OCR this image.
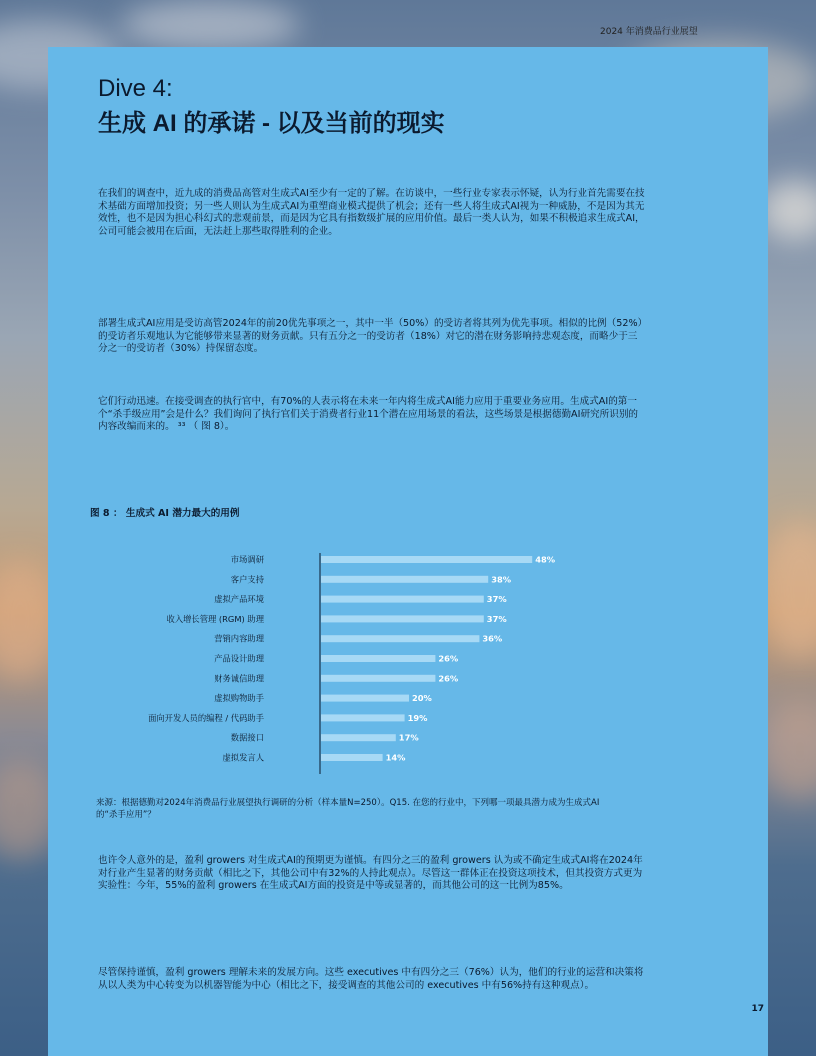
2024 年消费品行业展望
Dive 4:
生成 AI 的承诺 - 以及当前的现实
在我们的调查中，近九成的消费品高管对生成式AI至少有一定的了解。在访谈中，一些行业专家表示怀疑，认为行业首先需要在技术基础方面增加投资；另一些人则认为生成式AI为重塑商业模式提供了机会；还有一些人将生成式AI视为一种威胁，不是因为其无效性，也不是因为担心科幻式的悲观前景，而是因为它具有指数级扩展的应用价值。最后一类人认为，如果不积极追求生成式AI，公司可能会被用在后面，无法赶上那些取得胜利的企业。
部署生成式AI应用是受访高管2024年的前20优先事项之一，其中一半（50%）的受访者将其列为优先事项。相似的比例（52%）的受访者乐观地认为它能够带来显著的财务贡献。只有五分之一的受访者（18%）对它的潜在财务影响持悲观态度，而略少于三分之一的受访者（30%）持保留态度。
它们行动迅速。在接受调查的执行官中，有70%的人表示将在未来一年内将生成式AI能力应用于重要业务应用。生成式AI的第一个“杀手级应用”会是什么？我们询问了执行官们关于消费者行业11个潜在应用场景的看法，这些场景是根据德勤AI研究所识别的内容改编而来的。 ³³ （ 图 8）。
图 8 ： 生成式 AI 潜力最大的用例
市场调研	48%
客户支持	38%
虚拟产品环境	37%
收入增长管理 (RGM) 助理	37%
营销内容助理	36%
产品设计助理	26%
财务诚信助理	26%
虚拟购物助手	20%
面向开发人员的编程 / 代码助手	19%
数据接口	17%
虚拟发言人	14%
来源：根据德勤对2024年消费品行业展望执行调研的分析（样本量N=250）。Q15. 在您的行业中，下列哪一项最具潜力成为生成式AI的“杀手应用”？
也许令人意外的是，盈利 growers 对生成式AI的预期更为谨慎。有四分之三的盈利 growers 认为或不确定生成式AI将在2024年对行业产生显著的财务贡献（相比之下，其他公司中有32%的人持此观点）。尽管这一群体正在投资这项技术，但其投资方式更为实验性：今年，55%的盈利 growers 在生成式AI方面的投资是中等或显著的，而其他公司的这一比例为85%。
尽管保持谨慎，盈利 growers 理解未来的发展方向。这些 executives 中有四分之三（76%）认为，他们的行业的运营和决策将从以人类为中心转变为以机器智能为中心（相比之下，接受调查的其他公司的 executives 中有56%持有这种观点）。
17
